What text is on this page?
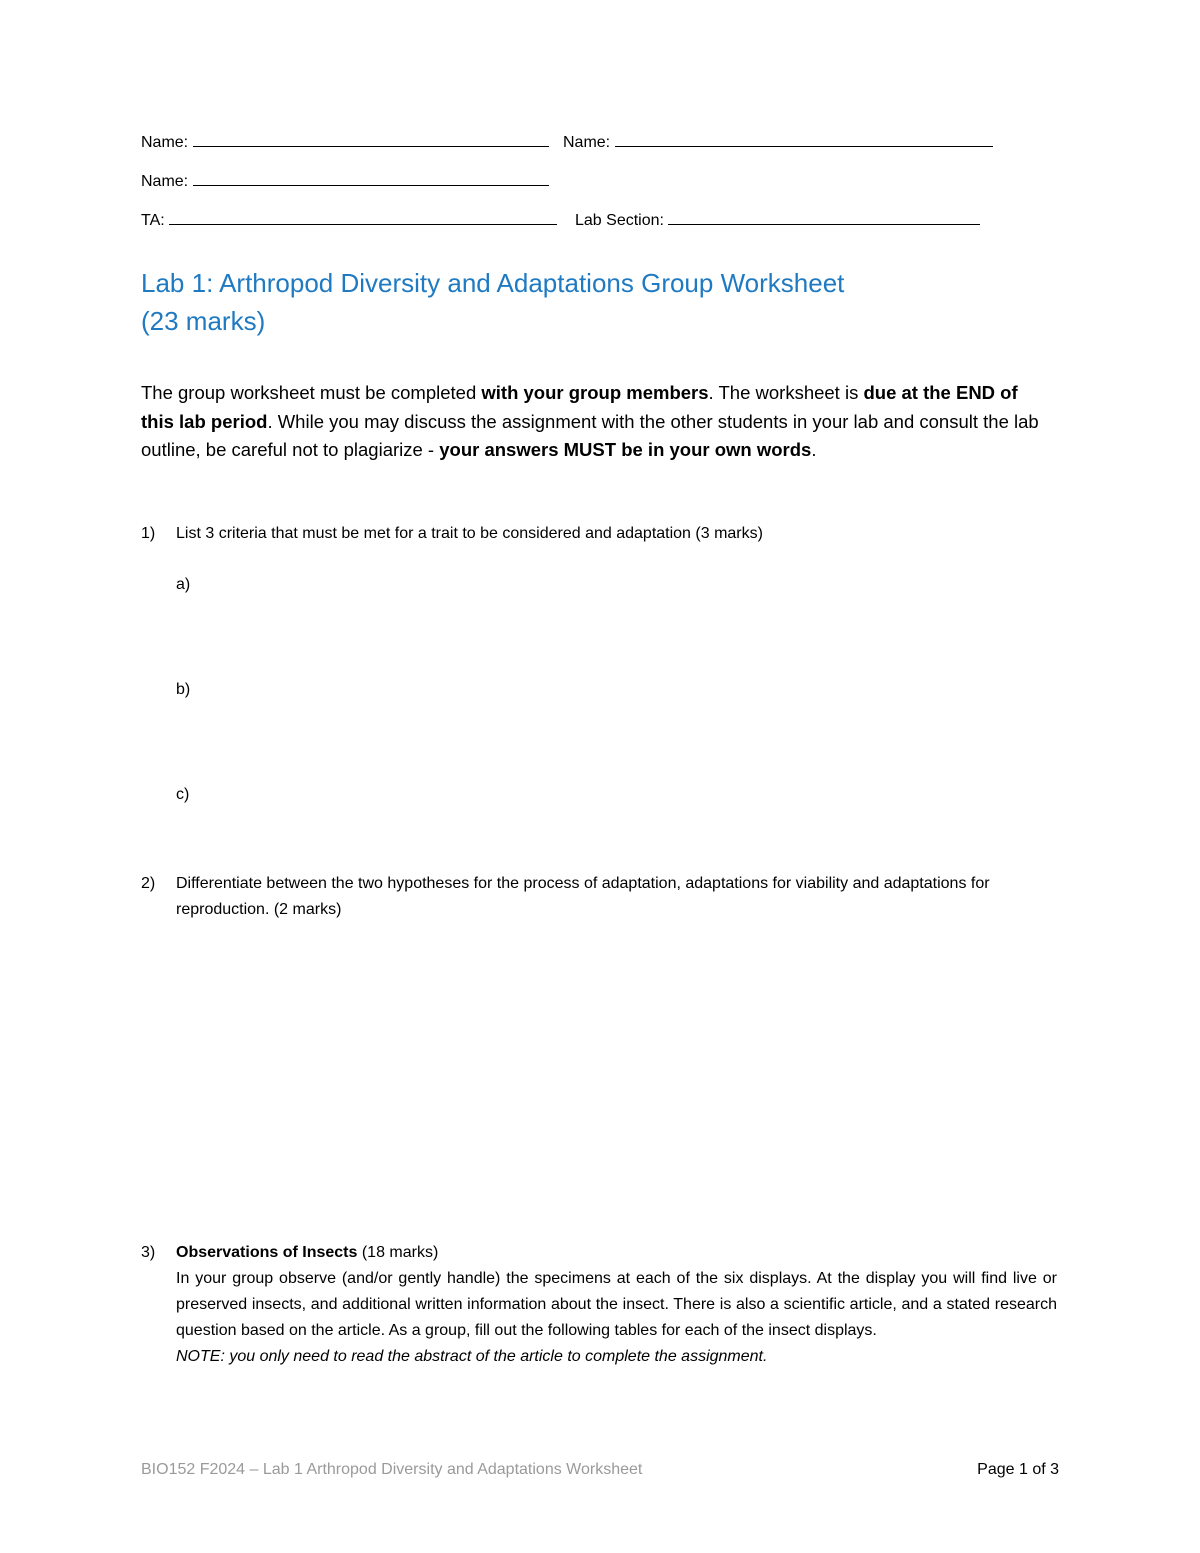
Name:	Name:
Name:
TA:	Lab Section:
Lab 1: Arthropod Diversity and Adaptations Group Worksheet
(23 marks)
The group worksheet must be completed with your group members. The worksheet is due at the END of this lab period. While you may discuss the assignment with the other students in your lab and consult the lab outline, be careful not to plagiarize - your answers MUST be in your own words.
1) List 3 criteria that must be met for a trait to be considered and adaptation (3 marks)
a)
b)
c)
2) Differentiate between the two hypotheses for the process of adaptation, adaptations for viability and adaptations for reproduction. (2 marks)
3) Observations of Insects (18 marks)
In your group observe (and/or gently handle) the specimens at each of the six displays. At the display you will find live or preserved insects, and additional written information about the insect. There is also a scientific article, and a stated research question based on the article. As a group, fill out the following tables for each of the insect displays.
NOTE: you only need to read the abstract of the article to complete the assignment.
BIO152 F2024 – Lab 1 Arthropod Diversity and Adaptations Worksheet	Page 1 of 3
